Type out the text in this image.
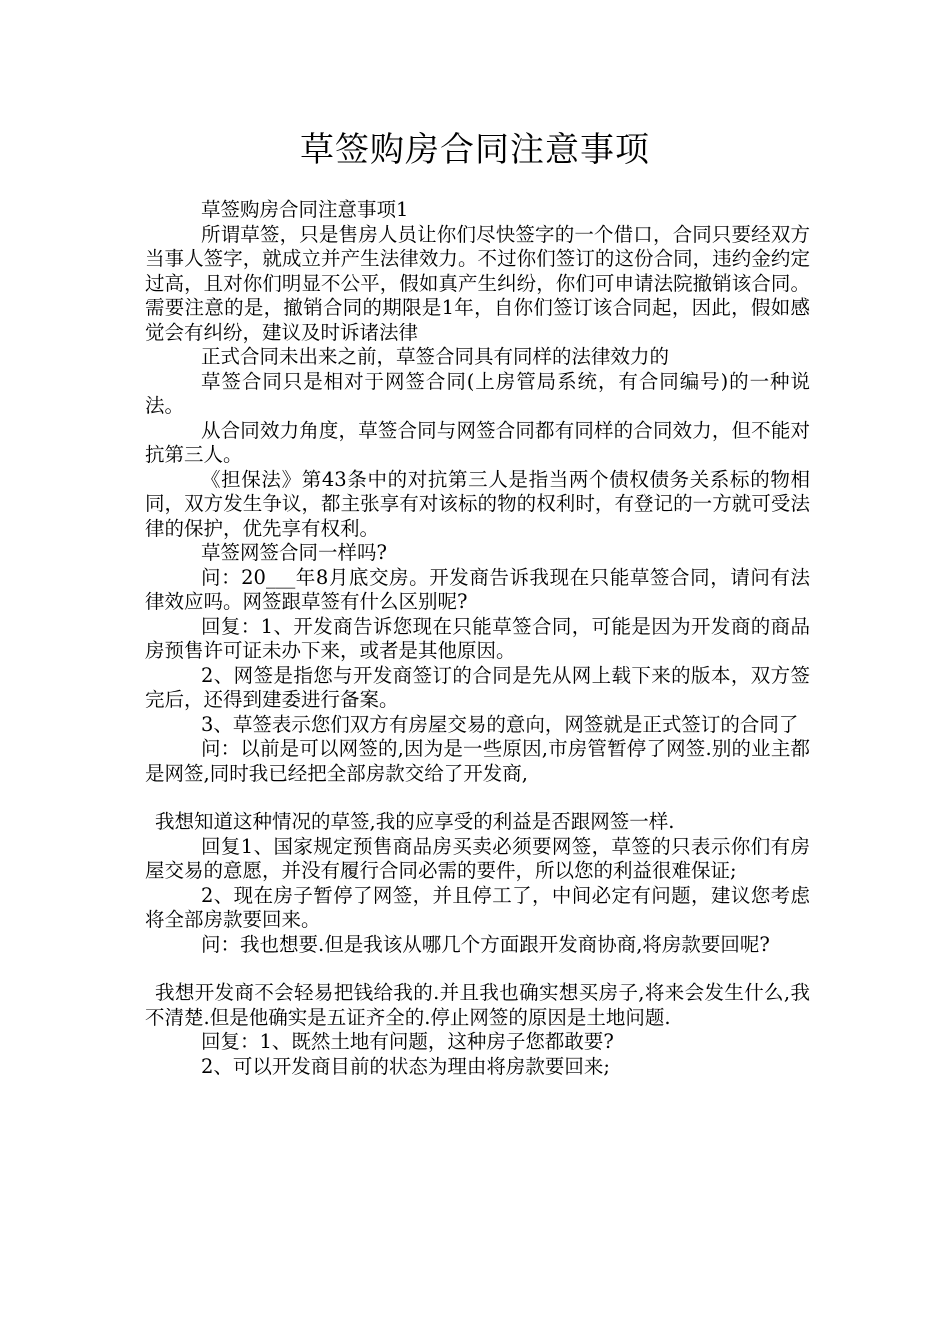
草签购房合同注意事项

草签购房合同注意事项1

所谓草签，只是售房人员让你们尽快签字的一个借口，合同只要经双方当事人签字，就成立并产生法律效力。不过你们签订的这份合同，违约金约定过高，且对你们明显不公平，假如真产生纠纷，你们可申请法院撤销该合同。需要注意的是，撤销合同的期限是1年，自你们签订该合同起，因此，假如感觉会有纠纷，建议及时诉诸法律

正式合同未出来之前，草签合同具有同样的法律效力的

草签合同只是相对于网签合同(上房管局系统，有合同编号)的一种说法。

从合同效力角度，草签合同与网签合同都有同样的合同效力，但不能对抗第三人。

《担保法》第43条中的对抗第三人是指当两个债权债务关系标的物相同，双方发生争议，都主张享有对该标的物的权利时，有登记的一方就可受法律的保护，优先享有权利。

草签网签合同一样吗?

问：20___年8月底交房。开发商告诉我现在只能草签合同，请问有法律效应吗。网签跟草签有什么区别呢?

回复：1、开发商告诉您现在只能草签合同，可能是因为开发商的商品房预售许可证未办下来，或者是其他原因。

2、网签是指您与开发商签订的合同是先从网上载下来的版本，双方签完后，还得到建委进行备案。

3、草签表示您们双方有房屋交易的意向，网签就是正式签订的合同了

问：以前是可以网签的,因为是一些原因,市房管暂停了网签.别的业主都是网签,同时我已经把全部房款交给了开发商,

我想知道这种情况的草签,我的应享受的利益是否跟网签一样.

回复1、国家规定预售商品房买卖必须要网签，草签的只表示你们有房屋交易的意愿，并没有履行合同必需的要件，所以您的利益很难保证;

2、现在房子暂停了网签，并且停工了，中间必定有问题，建议您考虑将全部房款要回来。

问：我也想要.但是我该从哪几个方面跟开发商协商,将房款要回呢?

我想开发商不会轻易把钱给我的.并且我也确实想买房子,将来会发生什么,我不清楚.但是他确实是五证齐全的.停止网签的原因是土地问题.

回复：1、既然土地有问题，这种房子您都敢要?

2、可以开发商目前的状态为理由将房款要回来;
